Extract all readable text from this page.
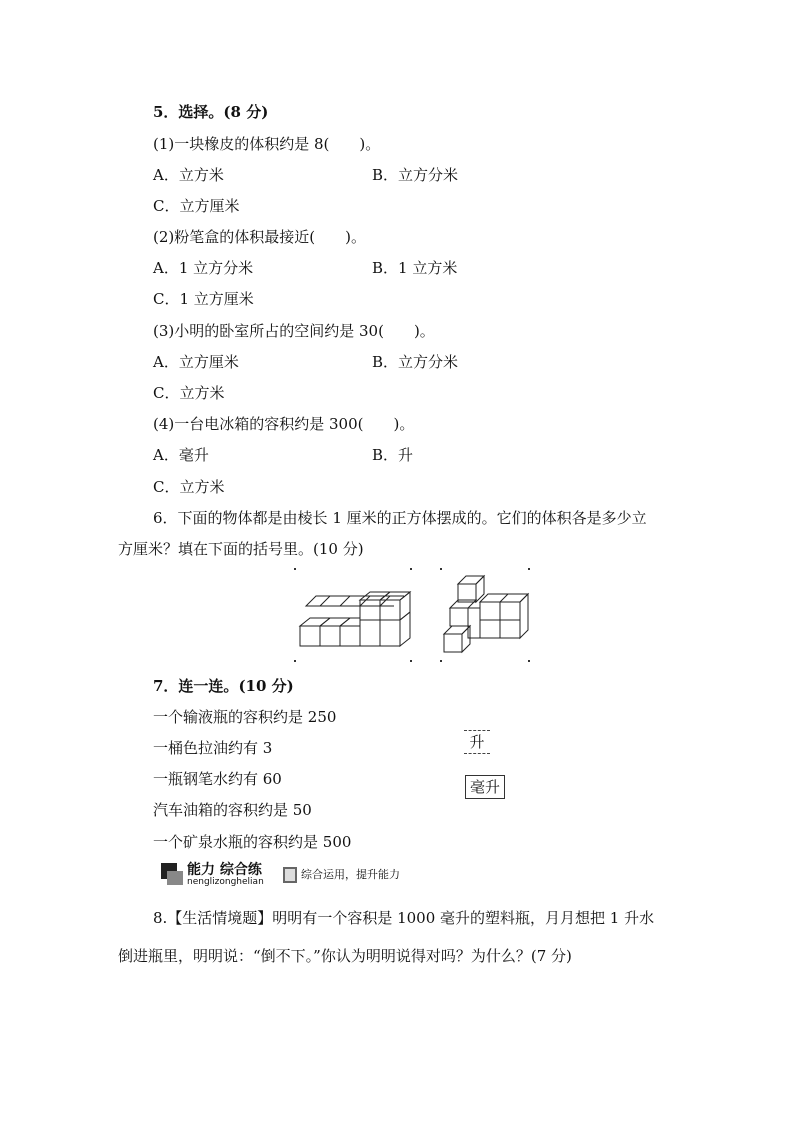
5．选择。(8 分)
(1)一块橡皮的体积约是 8(　　)。
A．立方米	B．立方分米
C．立方厘米
(2)粉笔盒的体积最接近(　　)。
A．1 立方分米	B．1 立方米
C．1 立方厘米
(3)小明的卧室所占的空间约是 30(　　)。
A．立方厘米	B．立方分米
C．立方米
(4)一台电冰箱的容积约是 300(　　)。
A．毫升	B．升
C．立方米
6．下面的物体都是由棱长 1 厘米的正方体摆成的。它们的体积各是多少立
方厘米？填在下面的括号里。(10 分)
7．连一连。(10 分)
一个输液瓶的容积约是 250
一桶色拉油约有 3
一瓶钢笔水约有 60
汽车油箱的容积约是 50
一个矿泉水瓶的容积约是 500
升
毫升
能力 综合练
nenglizonghelian
综合运用，提升能力
8.【生活情境题】明明有一个容积是 1000 毫升的塑料瓶，月月想把 1 升水
倒进瓶里，明明说：“倒不下。”你认为明明说得对吗？为什么？(7 分)
